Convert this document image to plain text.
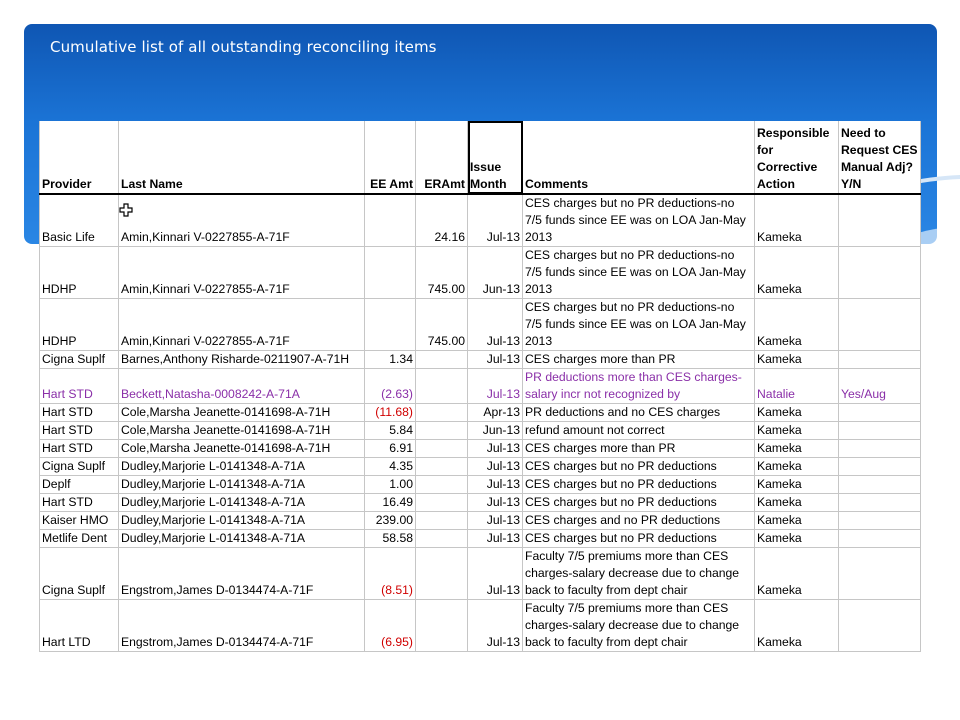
Cumulative list of all outstanding reconciling items
Provider	Last Name	EE Amt	ERAmt	Issue Month	Comments	Responsible for Corrective Action	Need to Request CES Manual Adj? Y/N
Basic Life	Amin,Kinnari V-0227855-A-71F		24.16	Jul-13	CES charges but no PR deductions-no 7/5 funds since EE was on LOA Jan-May 2013	Kameka	
HDHP	Amin,Kinnari V-0227855-A-71F		745.00	Jun-13	CES charges but no PR deductions-no 7/5 funds since EE was on LOA Jan-May 2013	Kameka	
HDHP	Amin,Kinnari V-0227855-A-71F		745.00	Jul-13	CES charges but no PR deductions-no 7/5 funds since EE was on LOA Jan-May 2013	Kameka	
Cigna Suplf	Barnes,Anthony Risharde-0211907-A-71H	1.34		Jul-13	CES charges more than PR	Kameka	
Hart STD	Beckett,Natasha-0008242-A-71A	(2.63)		Jul-13	PR deductions more than CES charges-salary incr not recognized by	Natalie	Yes/Aug
Hart STD	Cole,Marsha Jeanette-0141698-A-71H	(11.68)		Apr-13	PR deductions and no CES charges	Kameka	
Hart STD	Cole,Marsha Jeanette-0141698-A-71H	5.84		Jun-13	refund amount not correct	Kameka	
Hart STD	Cole,Marsha Jeanette-0141698-A-71H	6.91		Jul-13	CES charges more than PR	Kameka	
Cigna Suplf	Dudley,Marjorie L-0141348-A-71A	4.35		Jul-13	CES charges but no PR deductions	Kameka	
Deplf	Dudley,Marjorie L-0141348-A-71A	1.00		Jul-13	CES charges but no PR deductions	Kameka	
Hart STD	Dudley,Marjorie L-0141348-A-71A	16.49		Jul-13	CES charges but no PR deductions	Kameka	
Kaiser HMO	Dudley,Marjorie L-0141348-A-71A	239.00		Jul-13	CES charges and no PR deductions	Kameka	
Metlife Dent	Dudley,Marjorie L-0141348-A-71A	58.58		Jul-13	CES charges but no PR deductions	Kameka	
Cigna Suplf	Engstrom,James D-0134474-A-71F	(8.51)		Jul-13	Faculty 7/5 premiums more than CES charges-salary decrease due to change back to faculty from dept chair	Kameka	
Hart LTD	Engstrom,James D-0134474-A-71F	(6.95)		Jul-13	Faculty 7/5 premiums more than CES charges-salary decrease due to change back to faculty from dept chair	Kameka	
